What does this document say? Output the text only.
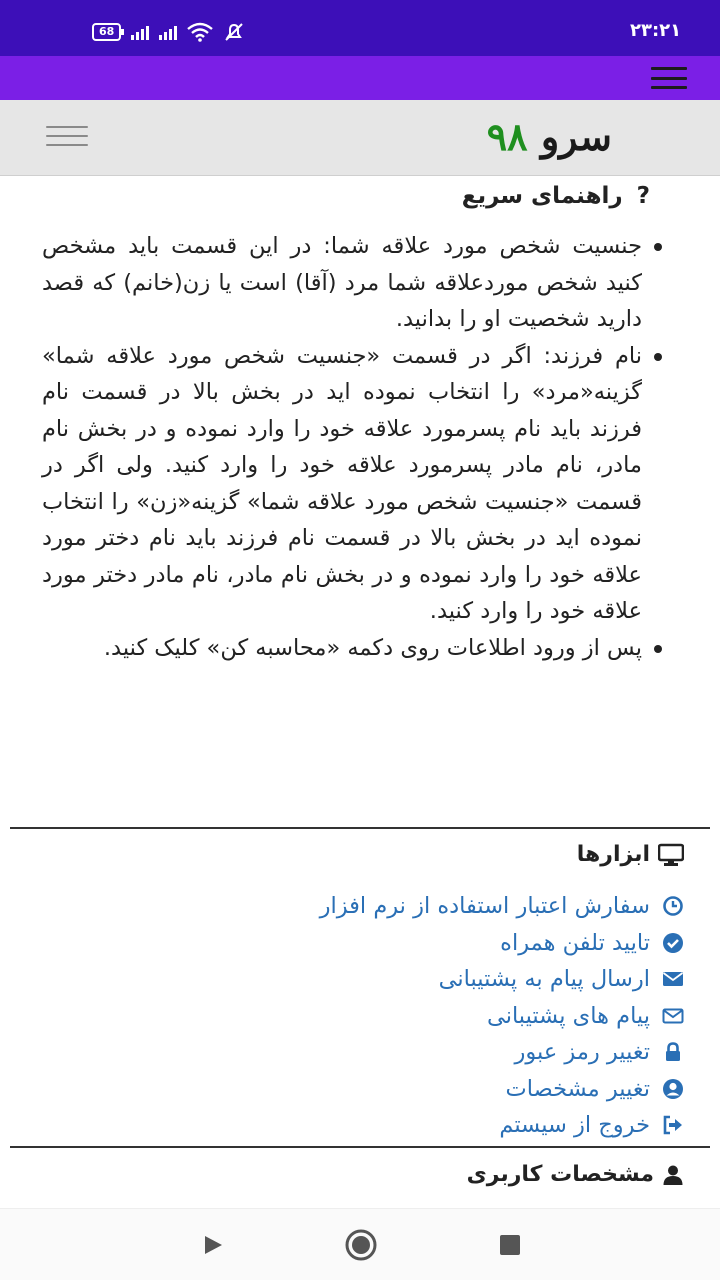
68	۲۳:۲۱
سرو ۹۸
?
راهنمای سریع
جنسیت شخص مورد علاقه شما: در این قسمت باید مشخص کنید شخص موردعلاقه شما مرد (آقا) است یا زن(خانم) که قصد دارید شخصیت او را بدانید.
نام فرزند: اگر در قسمت «جنسیت شخص مورد علاقه شما» گزینه«مرد» را انتخاب نموده اید در بخش بالا در قسمت نام فرزند باید نام پسرمورد علاقه خود را وارد نموده و در بخش نام مادر، نام مادر پسرمورد علاقه خود را وارد کنید. ولی اگر در قسمت «جنسیت شخص مورد علاقه شما» گزینه«زن» را انتخاب نموده اید در بخش بالا در قسمت نام فرزند باید نام دختر مورد علاقه خود را وارد نموده و در بخش نام مادر، نام مادر دختر مورد علاقه خود را وارد کنید.
پس از ورود اطلاعات روی دکمه «محاسبه کن» کلیک کنید.
ابزارها
سفارش اعتبار استفاده از نرم افزار
تایید تلفن همراه
ارسال پیام به پشتیبانی
پیام های پشتیبانی
تغییر رمز عبور
تغییر مشخصات
خروج از سیستم
مشخصات کاربری
